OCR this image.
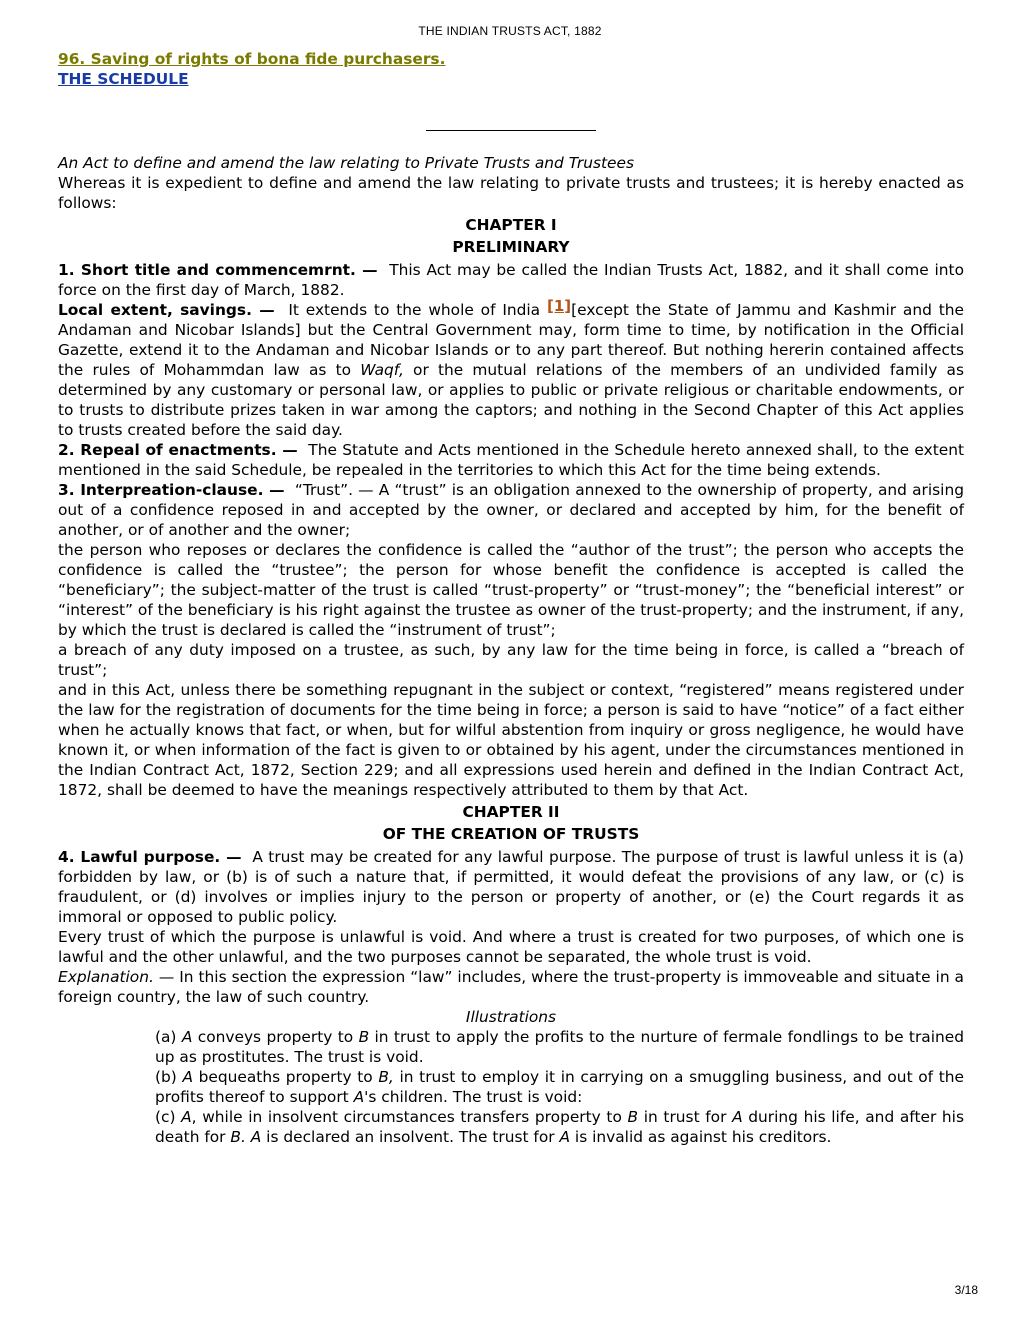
THE INDIAN TRUSTS ACT, 1882
96. Saving of rights of bona fide purchasers.
THE SCHEDULE

An Act to define and amend the law relating to Private Trusts and Trustees

Whereas it is expedient to define and amend the law relating to private trusts and trustees; it is hereby enacted as follows:

CHAPTER I
PRELIMINARY

1. Short title and commencemrnt. — This Act may be called the Indian Trusts Act, 1882, and it shall come into force on the first day of March, 1882.

Local extent, savings. — It extends to the whole of India [1][except the State of Jammu and Kashmir and the Andaman and Nicobar Islands] but the Central Government may, form time to time, by notification in the Official Gazette, extend it to the Andaman and Nicobar Islands or to any part thereof. But nothing hererin contained affects the rules of Mohammdan law as to Waqf, or the mutual relations of the members of an undivided family as determined by any customary or personal law, or applies to public or private religious or charitable endowments, or to trusts to distribute prizes taken in war among the captors; and nothing in the Second Chapter of this Act applies to trusts created before the said day.

2. Repeal of enactments. — The Statute and Acts mentioned in the Schedule hereto annexed shall, to the extent mentioned in the said Schedule, be repealed in the territories to which this Act for the time being extends.

3. Interpreation-clause. — “Trust”. — A “trust” is an obligation annexed to the ownership of property, and arising out of a confidence reposed in and accepted by the owner, or declared and accepted by him, for the benefit of another, or of another and the owner;

the person who reposes or declares the confidence is called the “author of the trust”; the person who accepts the confidence is called the “trustee”; the person for whose benefit the confidence is accepted is called the “beneficiary”; the subject-matter of the trust is called “trust-property” or “trust-money”; the “beneficial interest” or “interest” of the beneficiary is his right against the trustee as owner of the trust-property; and the instrument, if any, by which the trust is declared is called the “instrument of trust”;

a breach of any duty imposed on a trustee, as such, by any law for the time being in force, is called a “breach of trust”;

and in this Act, unless there be something repugnant in the subject or context, “registered” means registered under the law for the registration of documents for the time being in force; a person is said to have “notice” of a fact either when he actually knows that fact, or when, but for wilful abstention from inquiry or gross negligence, he would have known it, or when information of the fact is given to or obtained by his agent, under the circumstances mentioned in the Indian Contract Act, 1872, Section 229; and all expressions used herein and defined in the Indian Contract Act, 1872, shall be deemed to have the meanings respectively attributed to them by that Act.

CHAPTER II
OF THE CREATION OF TRUSTS

4. Lawful purpose. — A trust may be created for any lawful purpose. The purpose of trust is lawful unless it is (a) forbidden by law, or (b) is of such a nature that, if permitted, it would defeat the provisions of any law, or (c) is fraudulent, or (d) involves or implies injury to the person or property of another, or (e) the Court regards it as immoral or opposed to public policy.

Every trust of which the purpose is unlawful is void. And where a trust is created for two purposes, of which one is lawful and the other unlawful, and the two purposes cannot be separated, the whole trust is void.

Explanation. — In this section the expression “law” includes, where the trust-property is immoveable and situate in a foreign country, the law of such country.

Illustrations

(a) A conveys property to B in trust to apply the profits to the nurture of fermale fondlings to be trained up as prostitutes. The trust is void.

(b) A bequeaths property to B, in trust to employ it in carrying on a smuggling business, and out of the profits thereof to support A's children. The trust is void:

(c) A, while in insolvent circumstances transfers property to B in trust for A during his life, and after his death for B. A is declared an insolvent. The trust for A is invalid as against his creditors.

3/18
